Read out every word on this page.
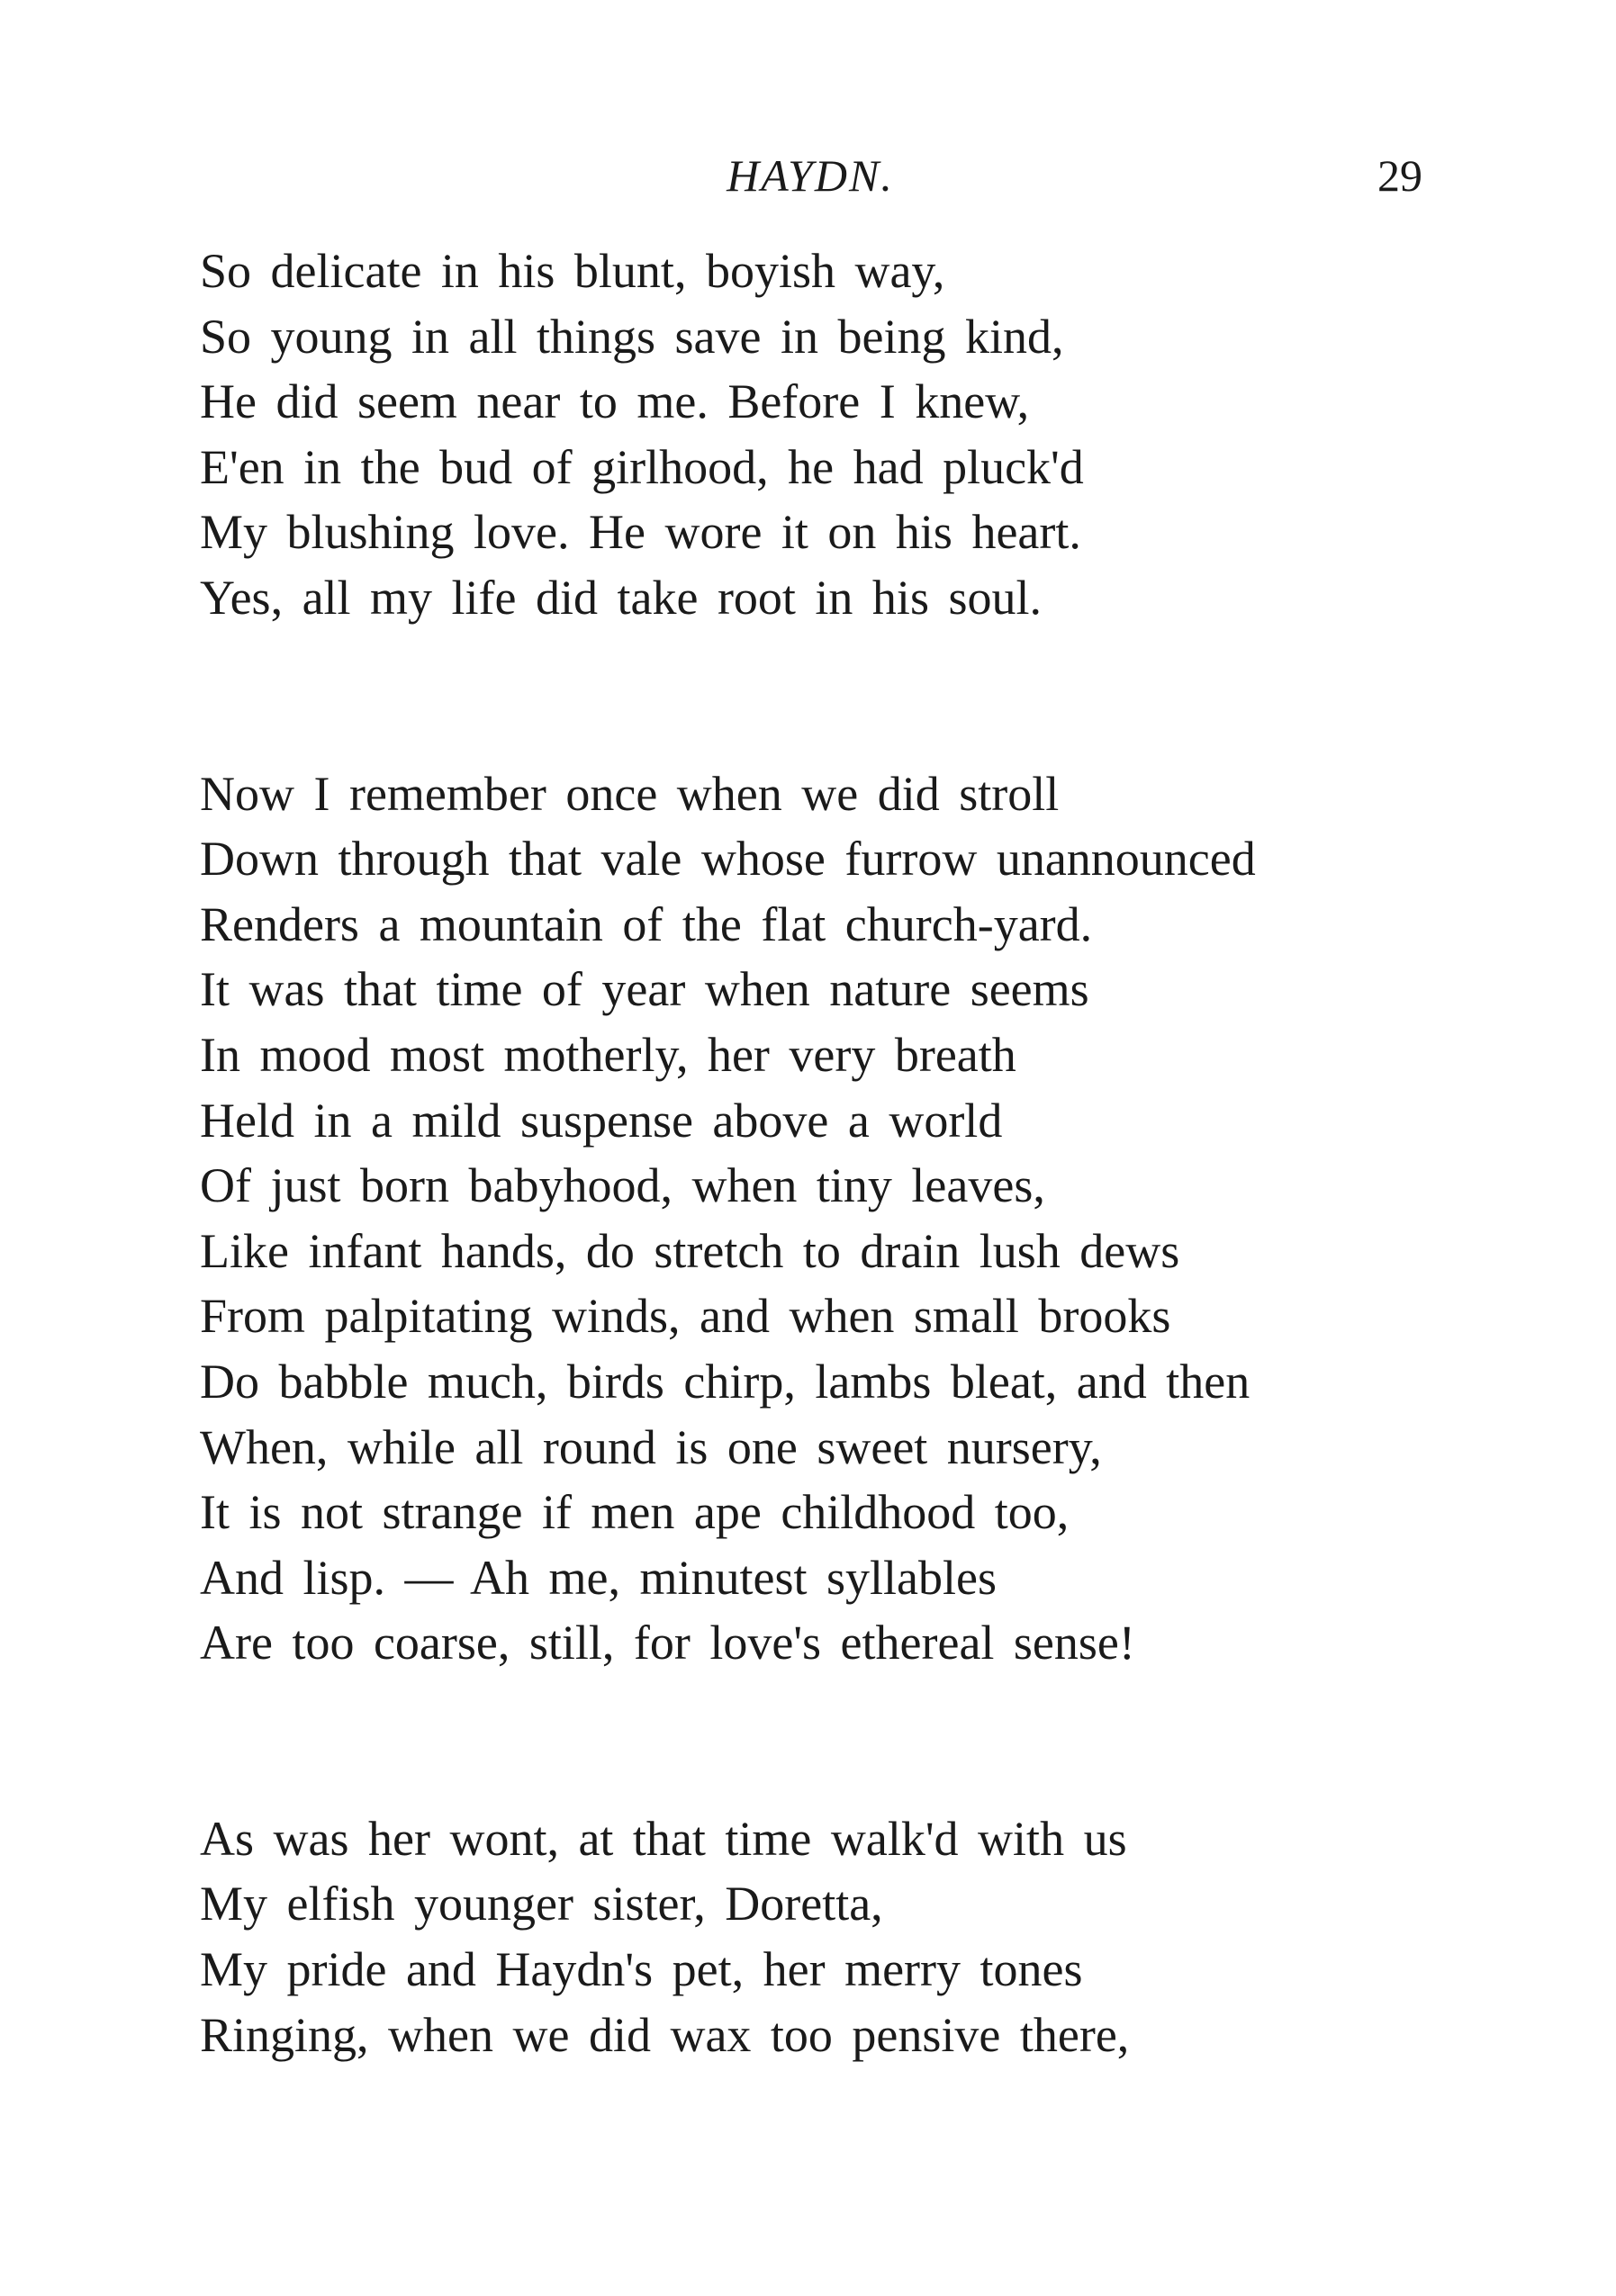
HAYDN.	29
So delicate in his blunt, boyish way,
So young in all things save in being kind,
He did seem near to me. Before I knew,
E'en in the bud of girlhood, he had pluck'd
My blushing love. He wore it on his heart.
Yes, all my life did take root in his soul.
Now I remember once when we did stroll
Down through that vale whose furrow unannounced
Renders a mountain of the flat church-yard.
It was that time of year when nature seems
In mood most motherly, her very breath
Held in a mild suspense above a world
Of just born babyhood, when tiny leaves,
Like infant hands, do stretch to drain lush dews
From palpitating winds, and when small brooks
Do babble much, birds chirp, lambs bleat, and then
When, while all round is one sweet nursery,
It is not strange if men ape childhood too,
And lisp. — Ah me, minutest syllables
Are too coarse, still, for love's ethereal sense!
As was her wont, at that time walk'd with us
My elfish younger sister, Doretta,
My pride and Haydn's pet, her merry tones
Ringing, when we did wax too pensive there,
